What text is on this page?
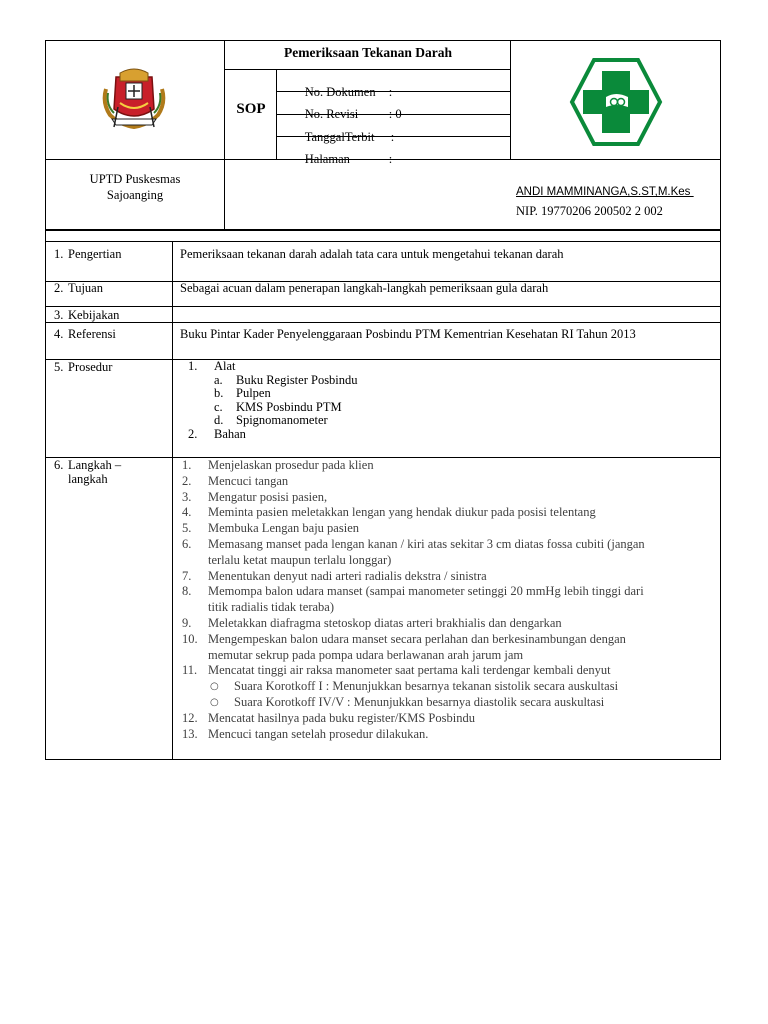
Pemeriksaan Tekanan Darah
SOP

No. Dokumen :

No. Revisi : 0

TanggalTerbit :

Halaman	:

UPTD Puskesmas
Sajoanging	ANDI MAMMINANGA,S.ST,M.Kes
NIP. 19770206 200502 2 002
1. Pengertian	Pemeriksaan tekanan darah adalah tata cara untuk mengetahui tekanan darah
2. Tujuan	Sebagai acuan dalam penerapan langkah-langkah pemeriksaan gula darah
3. Kebijakan
4. Referensi	Buku Pintar Kader Penyelenggaraan Posbindu PTM Kementrian Kesehatan RI Tahun 2013
5. Prosedur	1. Alat
a. Buku Register Posbindu
b. Pulpen
c. KMS Posbindu PTM
d. Spignomanometer
2. Bahan
6. Langkah –
langkah
1.	Menjelaskan prosedur pada klien
2.	Mencuci tangan
3.	Mengatur posisi pasien,
4.	Meminta pasien meletakkan lengan yang hendak diukur pada posisi telentang
5.	Membuka Lengan baju pasien
6.	Memasang manset pada lengan kanan / kiri atas sekitar 3 cm diatas fossa cubiti (jangan
terlalu ketat maupun terlalu longgar)
7.	Menentukan denyut nadi arteri radialis dekstra / sinistra
8.	Memompa balon udara manset (sampai manometer setinggi 20 mmHg lebih tinggi dari
titik radialis tidak teraba)
9.	Meletakkan diafragma stetoskop diatas arteri brakhialis dan dengarkan
10. Mengempeskan balon udara manset secara perlahan dan berkesinambungan dengan
memutar sekrup pada pompa udara berlawanan arah jarum jam
11. Mencatat tinggi air raksa manometer saat pertama kali terdengar kembali denyut
○ Suara Korotkoff I : Menunjukkan besarnya tekanan sistolik secara auskultasi
○ Suara Korotkoff IV/V : Menunjukkan besarnya diastolik secara auskultasi
12. Mencatat hasilnya pada buku register/KMS Posbindu
13. Mencuci tangan setelah prosedur dilakukan.
